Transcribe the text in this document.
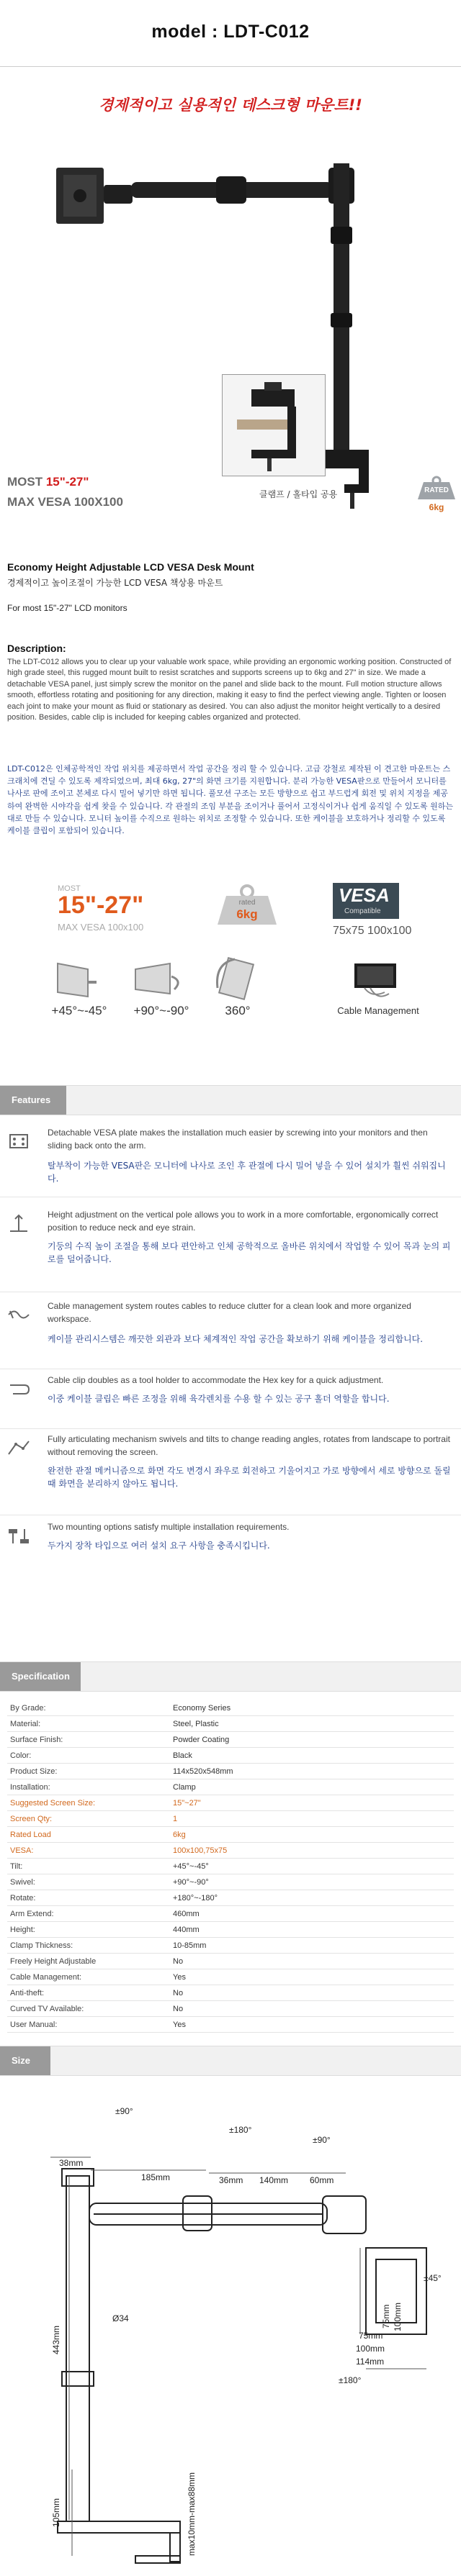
model : LDT-C012
경제적이고 실용적인 데스크형 마운트!!
클램프 / 홀타입 공용
MOST 15"-27"
MAX VESA 100X100
RATED
6kg
Economy Height Adjustable LCD VESA Desk Mount
경제적이고 높이조절이 가능한 LCD VESA 책상용 마운트
For most 15"-27" LCD monitors
Description:
The LDT-C012 allows you to clear up your valuable work space, while providing an ergonomic working position. Constructed of high grade steel, this rugged mount built to resist scratches and supports screens up to 6kg and 27" in size. We made a detachable VESA panel, just simply screw the monitor on the panel and slide back to the mount. Full motion structure allows smooth, effortless rotating and positioning for any direction, making it easy to find the perfect viewing angle. Tighten or loosen each joint to make your mount as fluid or stationary as desired. You can also adjust the monitor height vertically to a desired position. Besides, cable clip is included for keeping cables organized and protected.
LDT-C012은 인체공학적인 작업 위치를 제공하면서 작업 공간을 정리 할 수 있습니다. 고급 강철로 제작된 이 견고한 마운트는 스크래치에 견딜 수 있도록 제작되었으며, 최대 6kg, 27"의 화면 크기를 지원합니다. 분리 가능한 VESA판으로 만들어서 모니터를 나사로 판에 조이고 본체로 다시 밀어 넣기만 하면 됩니다. 풀모션 구조는 모든 방향으로 쉽고 부드럽게 회전 및 위치 지정을 제공하여 완벽한 시야각을 쉽게 찾을 수 있습니다. 각 관절의 조임 부분을 조이거나 풀어서 고정식이거나 쉽게 움직일 수 있도록 원하는대로 만들 수 있습니다. 모니터 높이를 수직으로 원하는 위치로 조정할 수 있습니다. 또한 케이블을 보호하거나 정리할 수 있도록 케이블 클립이 포함되어 있습니다.
MOST
15"-27"
MAX VESA 100x100
rated
6kg
VESA
Compatible
75x75 100x100
+45°~-45°	+90°~-90°	360°	Cable Management
Features
Detachable VESA plate makes the installation much easier by screwing into your monitors and then sliding back onto the arm.
탈부착이 가능한 VESA판은 모니터에 나사로 조인 후 관절에 다시 밀어 넣을 수 있어 설치가 훨씬 쉬워집니다.
Height adjustment on the vertical pole allows you to work in a more comfortable, ergonomically correct position to reduce neck and eye strain.
기둥의 수직 높이 조절을 통해 보다 편안하고 인체 공학적으로 올바른 위치에서 작업할 수 있어 목과 눈의 피로를 덜어줍니다.
Cable management system routes cables to reduce clutter for a clean look and more organized workspace.
케이블 관리시스템은 깨끗한 외관과 보다 체계적인 작업 공간을 확보하기 위해 케이블을 정리합니다.
Cable clip doubles as a tool holder to accommodate the Hex key for a quick adjustment.
이중 케이블 클립은 빠른 조정을 위해 육각렌치를 수용 할 수 있는 공구 홀더 역할을 합니다.
Fully articulating mechanism swivels and tilts to change reading angles, rotates from landscape to portrait without removing the screen.
완전한 관절 메커니즘으로 화면 각도 변경시 좌우로 회전하고 기울어지고 가로 방향에서 세로 방향으로 돌릴때 화면을 분리하지 않아도 됩니다.
Two mounting options satisfy multiple installation requirements.
두가지 장착 타입으로 여러 설치 요구 사항을 충족시킵니다.
Specification
By Grade:	Economy Series
Material:	Steel, Plastic
Surface Finish:	Powder Coating
Color:	Black
Product Size:	114x520x548mm
Installation:	Clamp
Suggested Screen Size:	15"~27"
Screen Qty:	1
Rated Load	6kg
VESA:	100x100,75x75
Tilt:	+45°~-45°
Swivel:	+90°~-90°
Rotate:	+180°~-180°
Arm Extend:	460mm
Height:	440mm
Clamp Thickness:	10-85mm
Freely Height Adjustable	No
Cable Management:	Yes
Anti-theft:	No
Curved TV Available:	No
User Manual:	Yes
Size
±90°
±180°
±90°
38mm
185mm	36mm 140mm 60mm
75mm 100mm
75mm
100mm
114mm
±45°
±180°
Ø34
443mm
105mm	max10mm-max88mm
